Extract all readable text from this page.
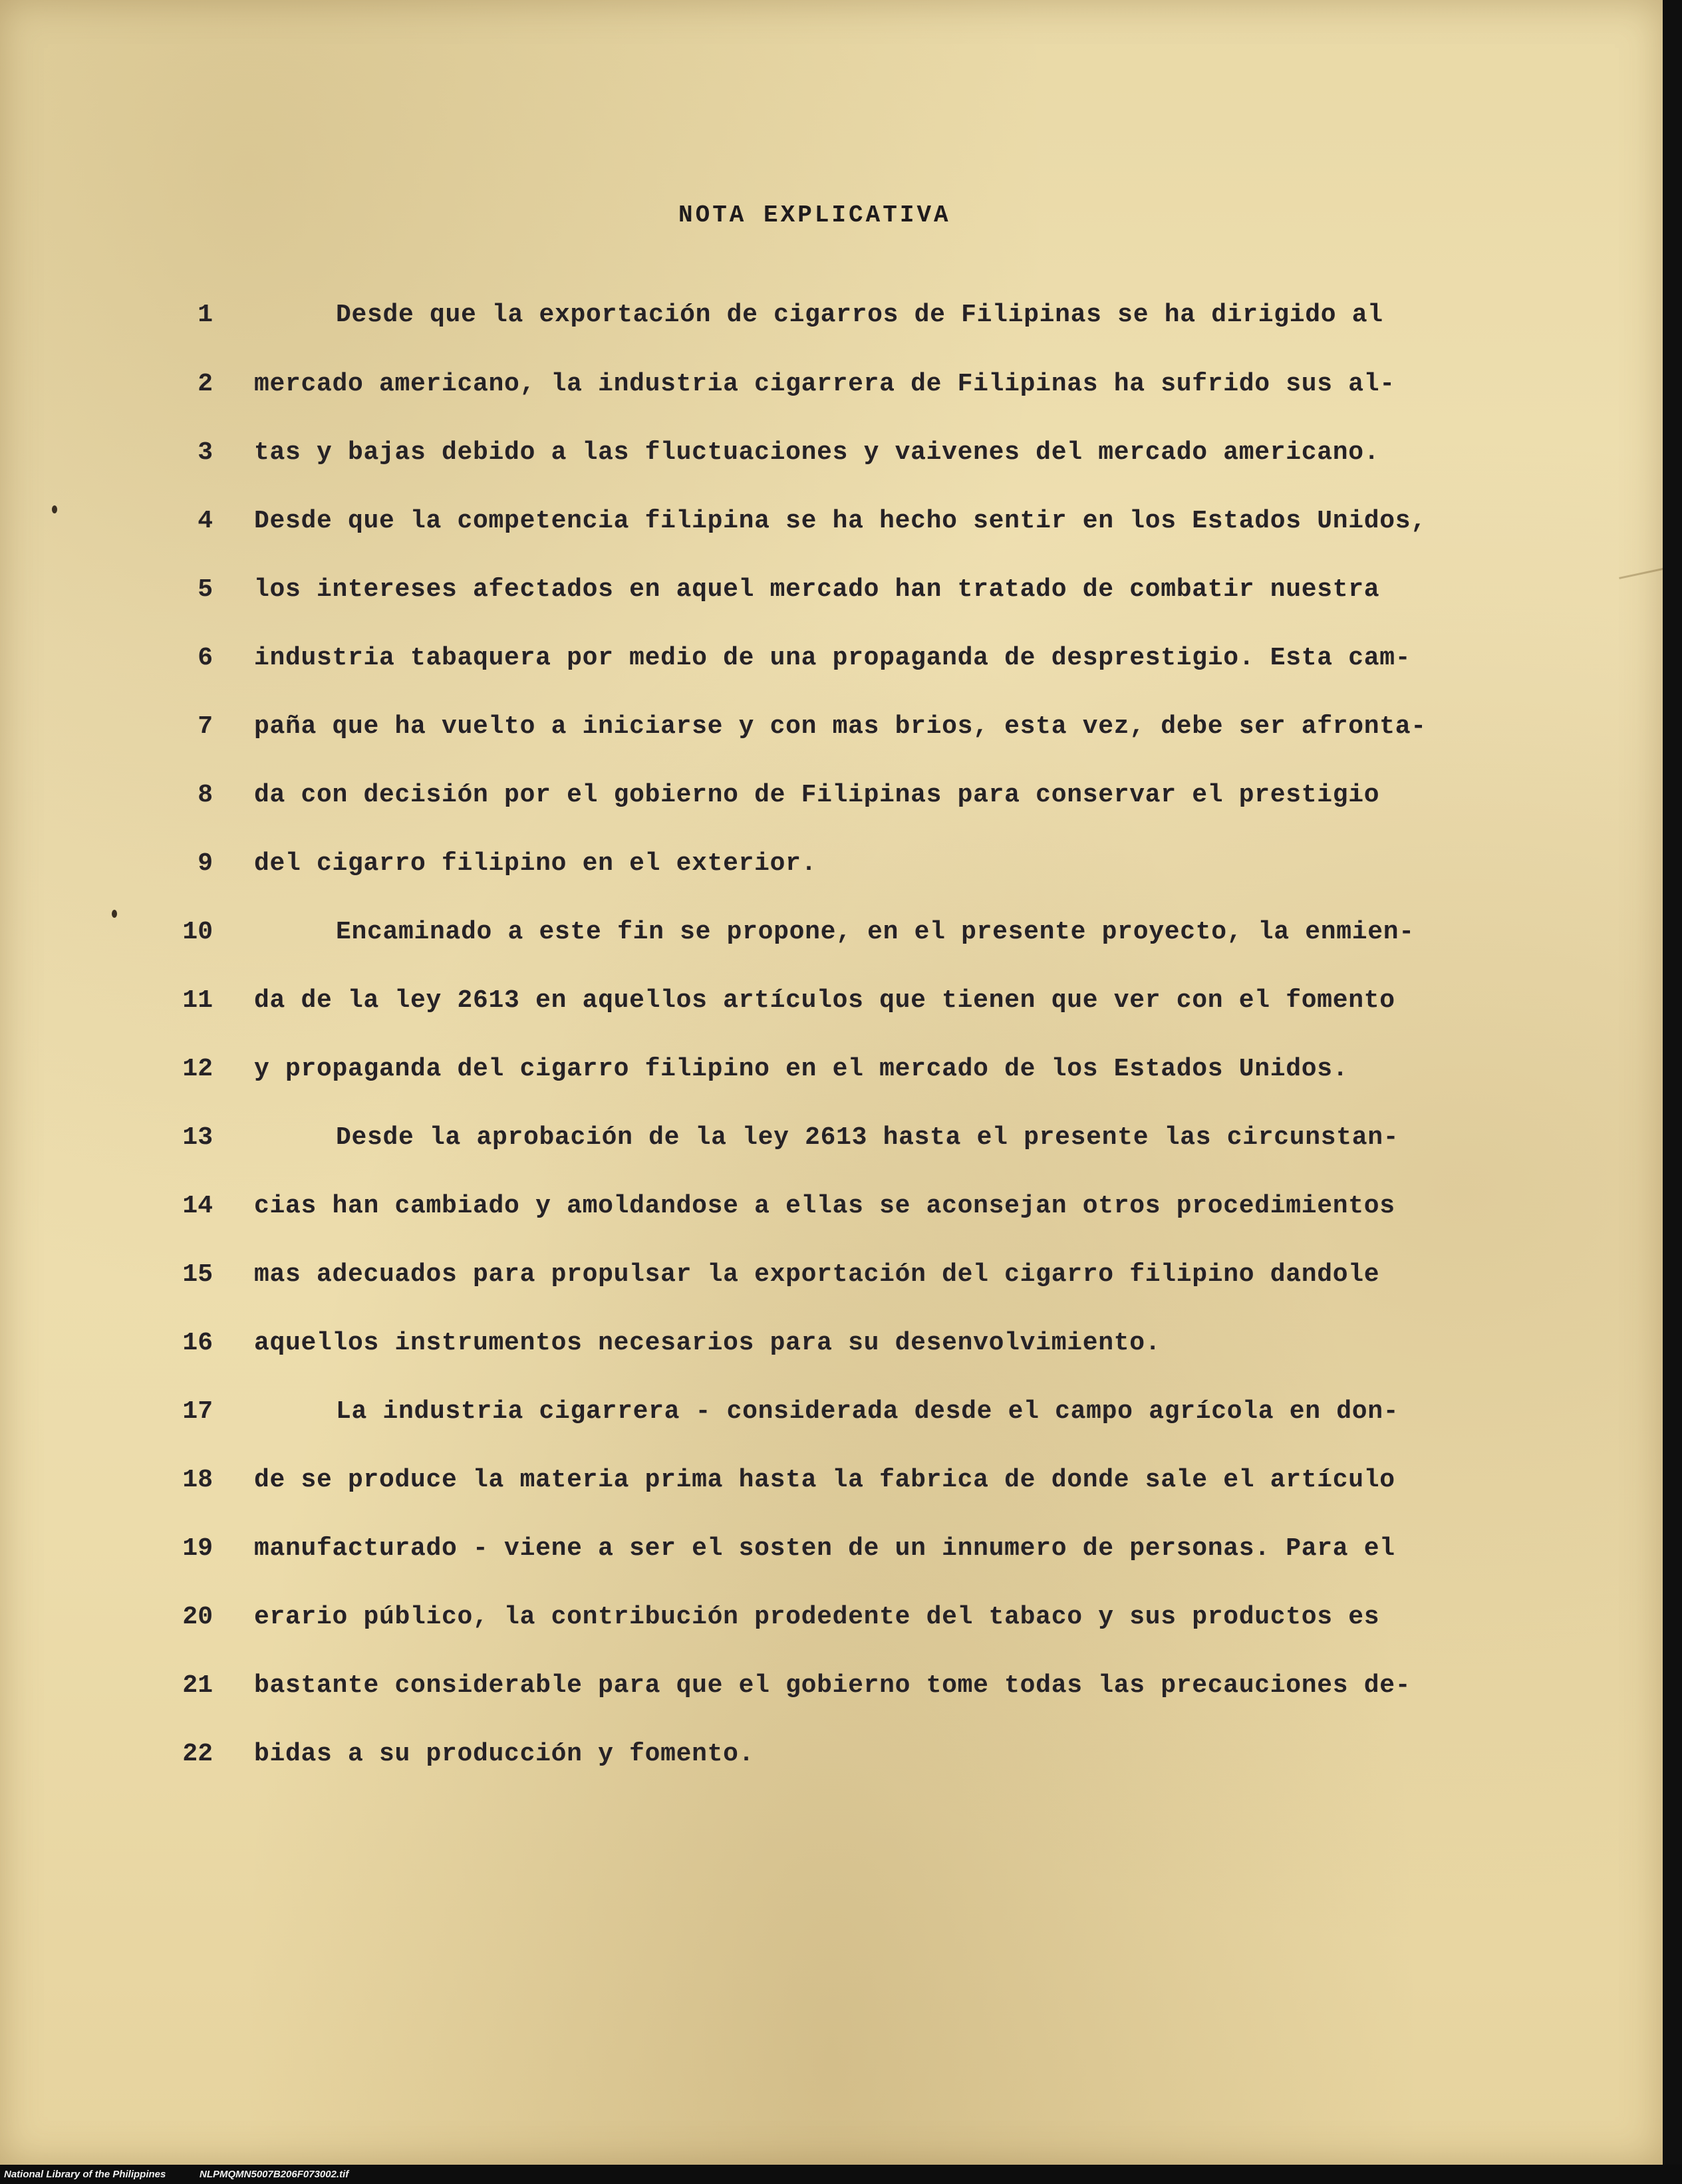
NOTA EXPLICATIVA
1	Desde que la exportación de cigarros de Filipinas se ha dirigido al
2 mercado americano, la industria cigarrera de Filipinas ha sufrido sus al-
3 tas y bajas debido a las fluctuaciones y vaivenes del mercado americano.
4 Desde que la competencia filipina se ha hecho sentir en los Estados Unidos,
5 los intereses afectados en aquel mercado han tratado de combatir nuestra
6 industria tabaquera por medio de una propaganda de desprestigio. Esta cam-
7 paña que ha vuelto a iniciarse y con mas brios, esta vez, debe ser afronta-
8 da con decisión por el gobierno de Filipinas para conservar el prestigio
9 del cigarro filipino en el exterior.
10	Encaminado a este fin se propone, en el presente proyecto, la enmien-
11 da de la ley 2613 en aquellos artículos que tienen que ver con el fomento
12 y propaganda del cigarro filipino en el mercado de los Estados Unidos.
13	Desde la aprobación de la ley 2613 hasta el presente las circunstan-
14 cias han cambiado y amoldandose a ellas se aconsejan otros procedimientos
15 mas adecuados para propulsar la exportación del cigarro filipino dandole
16 aquellos instrumentos necesarios para su desenvolvimiento.
17	La industria cigarrera - considerada desde el campo agrícola en don-
18 de se produce la materia prima hasta la fabrica de donde sale el artículo
19 manufacturado - viene a ser el sosten de un innumero de personas. Para el
20 erario público, la contribución prodedente del tabaco y sus productos es
21 bastante considerable para que el gobierno tome todas las precauciones de-
22 bidas a su producción y fomento.
National Library of the Philippines	NLPMQMN5007B206F073002.tif
